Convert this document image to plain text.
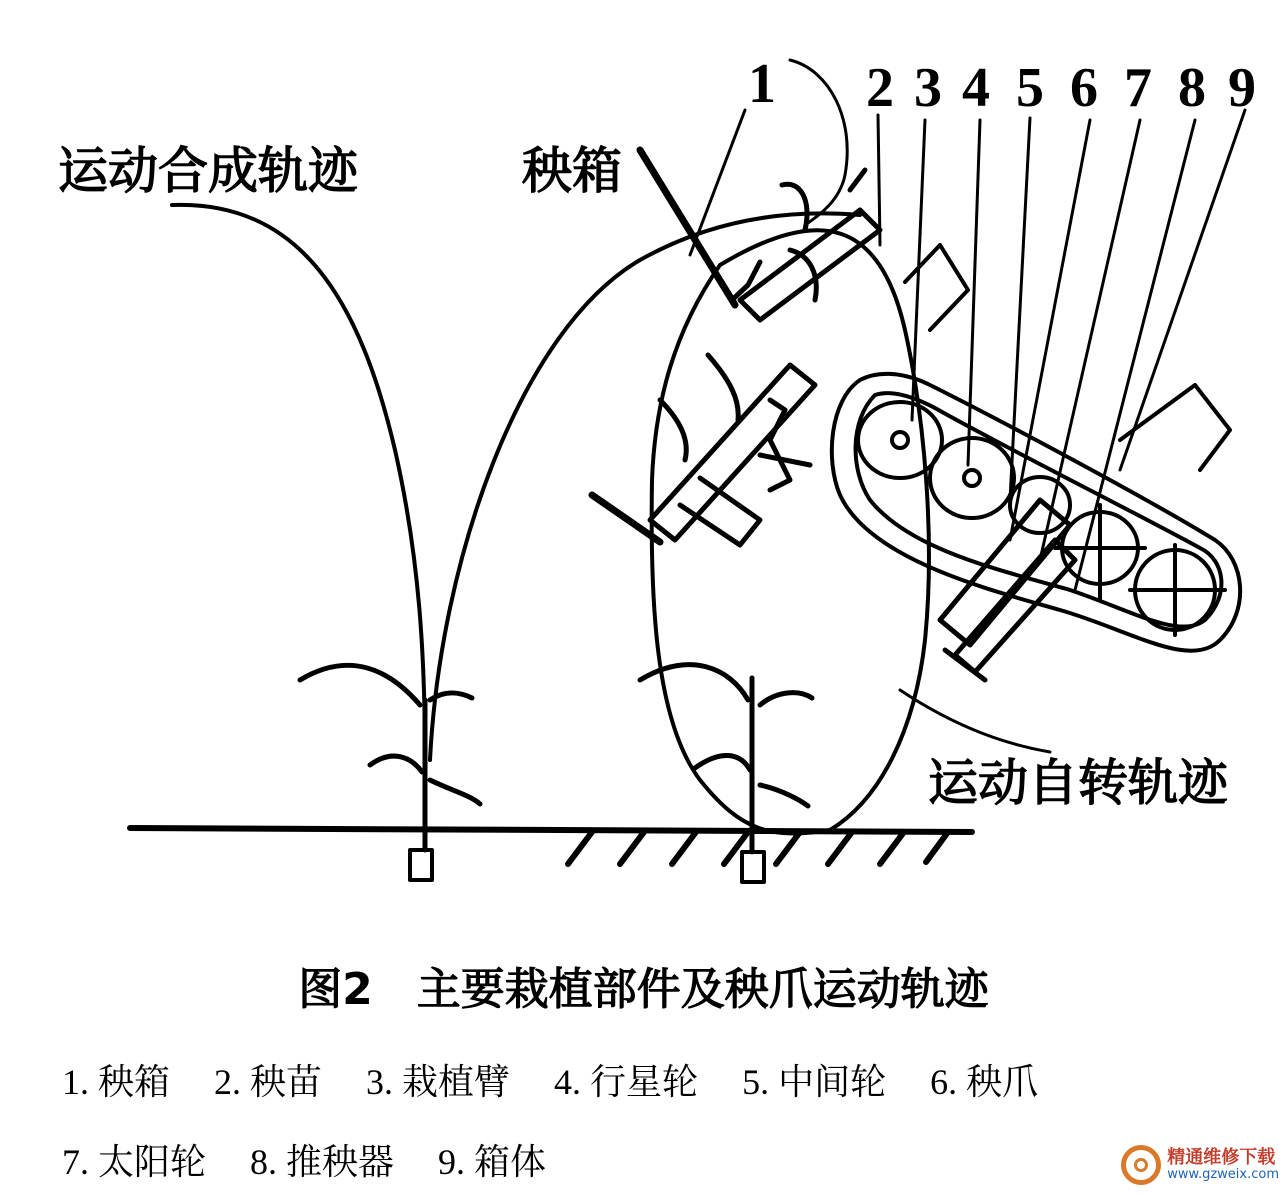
运动合成轨迹	秧箱
运动自转轨迹
1 2 3 4 5 6 7 8 9
图2　主要栽植部件及秧爪运动轨迹
1. 秧箱 2. 秧苗 3. 栽植臂 4. 行星轮 5. 中间轮 6. 秧爪
7. 太阳轮 8. 推秧器 9. 箱体	精通维修下载
www.gzweix.com
